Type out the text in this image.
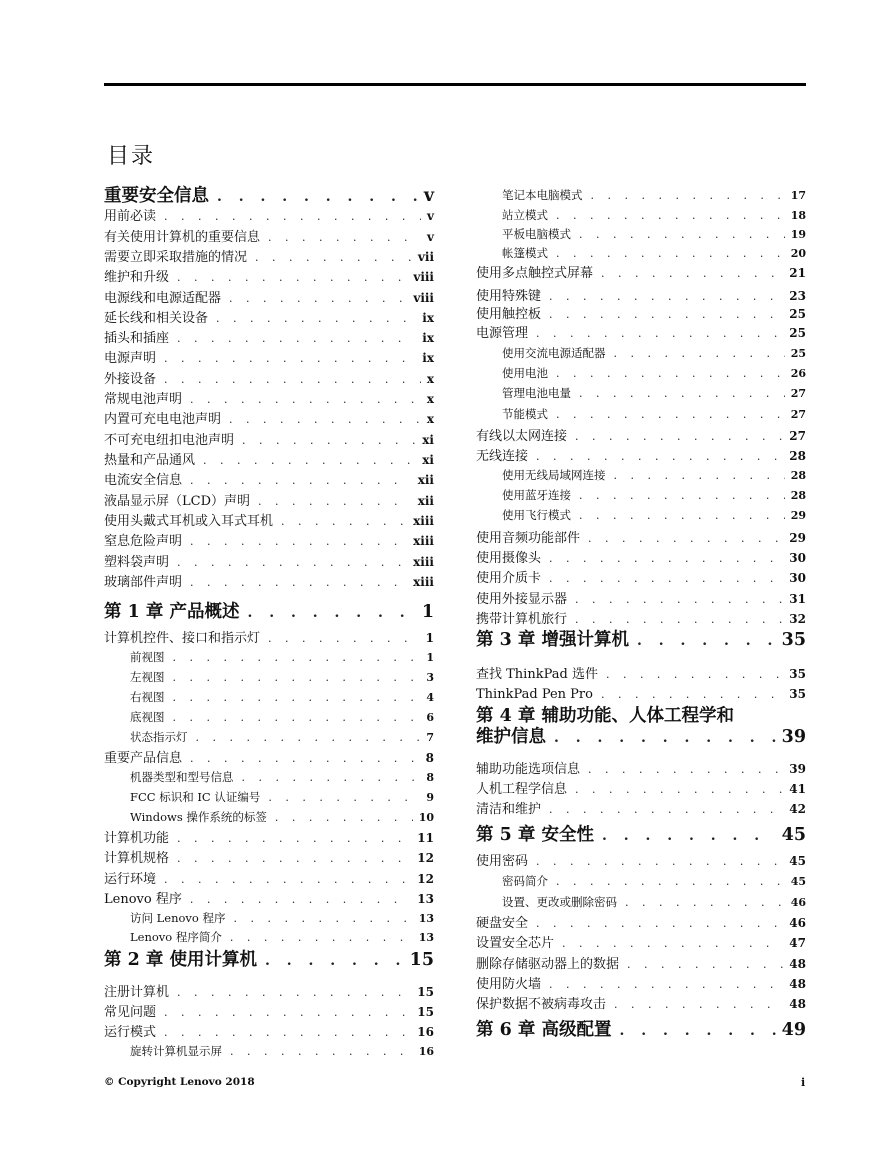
目录
重要安全信息 . . .	v
用前必读 . . .	v
有关使用计算机的重要信息 . . .	v
需要立即采取措施的情况 . . .	vii
维护和升级 . . .	viii
电源线和电源适配器 . . .	viii
延长线和相关设备 . . .	ix
插头和插座 . . .	ix
电源声明 . . .	ix
外接设备 . . .	x
常规电池声明 . . .	x
内置可充电电池声明 . . .	x
不可充电纽扣电池声明 . . .	xi
热量和产品通风 . . .	xi
电流安全信息 . . .	xii
液晶显示屏（LCD）声明 . . .	xii
使用头戴式耳机或入耳式耳机 . . .	xiii
窒息危险声明 . . .	xiii
塑料袋声明 . . .	xiii
玻璃部件声明 . . .	xiii
第 1 章 产品概述 . . .	1
计算机控件、接口和指示灯 . . .	1
前视图 . . .	1
左视图 . . .	3
右视图 . . .	4
底视图 . . .	6
状态指示灯 . . .	7
重要产品信息 . . .	8
机器类型和型号信息 . . .	8
FCC 标识和 IC 认证编号 . . .	9
Windows 操作系统的标签 . . .	10
计算机功能 . . .	11
计算机规格 . . .	12
运行环境 . . .	12
Lenovo 程序 . . .	13
访问 Lenovo 程序 . . .	13
Lenovo 程序简介 . . .	13
第 2 章 使用计算机 . . .	15
注册计算机 . . .	15
常见问题 . . .	15
运行模式 . . .	16
旋转计算机显示屏 . . .	16
笔记本电脑模式 . . .	17
站立模式 . . .	18
平板电脑模式 . . .	19
帐篷模式 . . .	20
使用多点触控式屏幕 . . .	21
使用特殊键 . . .	23
使用触控板 . . .	25
电源管理 . . .	25
使用交流电源适配器 . . .	25
使用电池 . . .	26
管理电池电量 . . .	27
节能模式 . . .	27
有线以太网连接 . . .	27
无线连接 . . .	28
使用无线局域网连接 . . .	28
使用蓝牙连接 . . .	28
使用飞行模式 . . .	29
使用音频功能部件 . . .	29
使用摄像头 . . .	30
使用介质卡 . . .	30
使用外接显示器 . . .	31
携带计算机旅行 . . .	32
第 3 章 增强计算机 . . .	35
查找 ThinkPad 选件 . . .	35
ThinkPad Pen Pro . . .	35
第 4 章 辅助功能、人体工程学和
维护信息 . . .	39
辅助功能选项信息 . . .	39
人机工程学信息 . . .	41
清洁和维护 . . .	42
第 5 章 安全性 . . .	45
使用密码 . . .	45
密码简介 . . .	45
设置、更改或删除密码 . . .	46
硬盘安全 . . .	46
设置安全芯片 . . .	47
删除存储驱动器上的数据 . . .	48
使用防火墙 . . .	48
保护数据不被病毒攻击 . . .	48
第 6 章 高级配置 . . .	49
© Copyright Lenovo 2018	i
